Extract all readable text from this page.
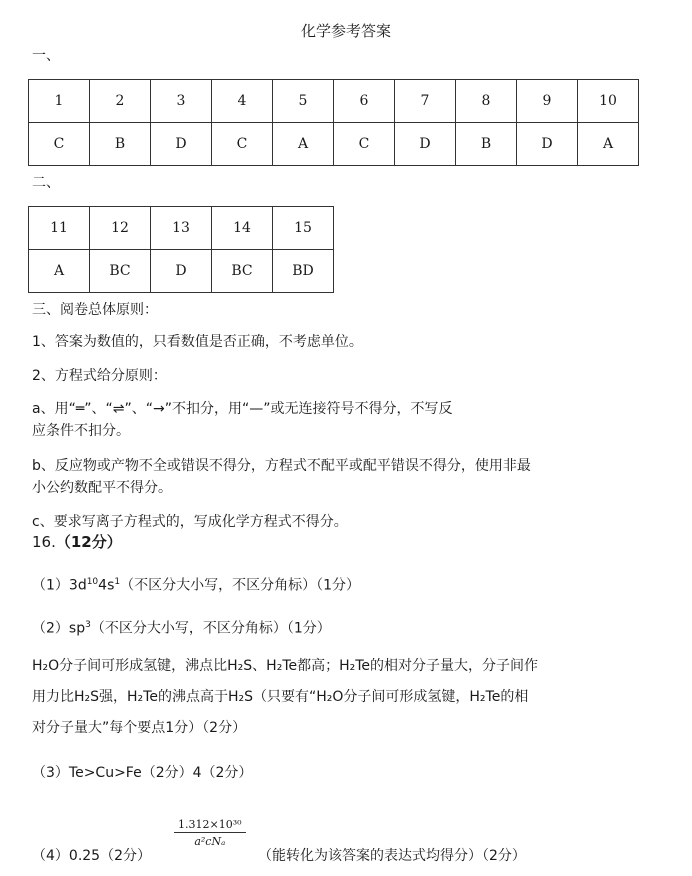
化学参考答案
一、
1	2	3	4	5	6	7	8	9	10
C	B	D	C	A	C	D	B	D	A
二、
11	12	13	14	15
A	BC	D	BC	BD
三、阅卷总体原则：
1、答案为数值的，只看数值是否正确，不考虑单位。
2、方程式给分原则：
a、用“═”、“⇌”、“→”不扣分，用“—”或无连接符号不得分，不写反
应条件不扣分。
b、反应物或产物不全或错误不得分，方程式不配平或配平错误不得分，使用非最
小公约数配平不得分。
c、要求写离子方程式的，写成化学方程式不得分。
16.（12分）
$(1)3d^{10}4s^1$（不区分大小写，不区分角标）（1分）
$(2)sp^3$（不区分大小写，不区分角标）（1分）
H₂O分子间可形成氢键，沸点比H₂S、H₂Te都高；H₂Te的相对分子量大，分子间作
用力比H₂S强，H₂Te的沸点高于H₂S（只要有“H₂O分子间可形成氢键，H₂Te的相
对分子量大”每个要点1分）（2分）
（3）Te>Cu>Fe（2分）4（2分）
（4）0.25（2分）
1.312×10³⁰
a²cNₐ
（能转化为该答案的表达式均得分）（2分）
